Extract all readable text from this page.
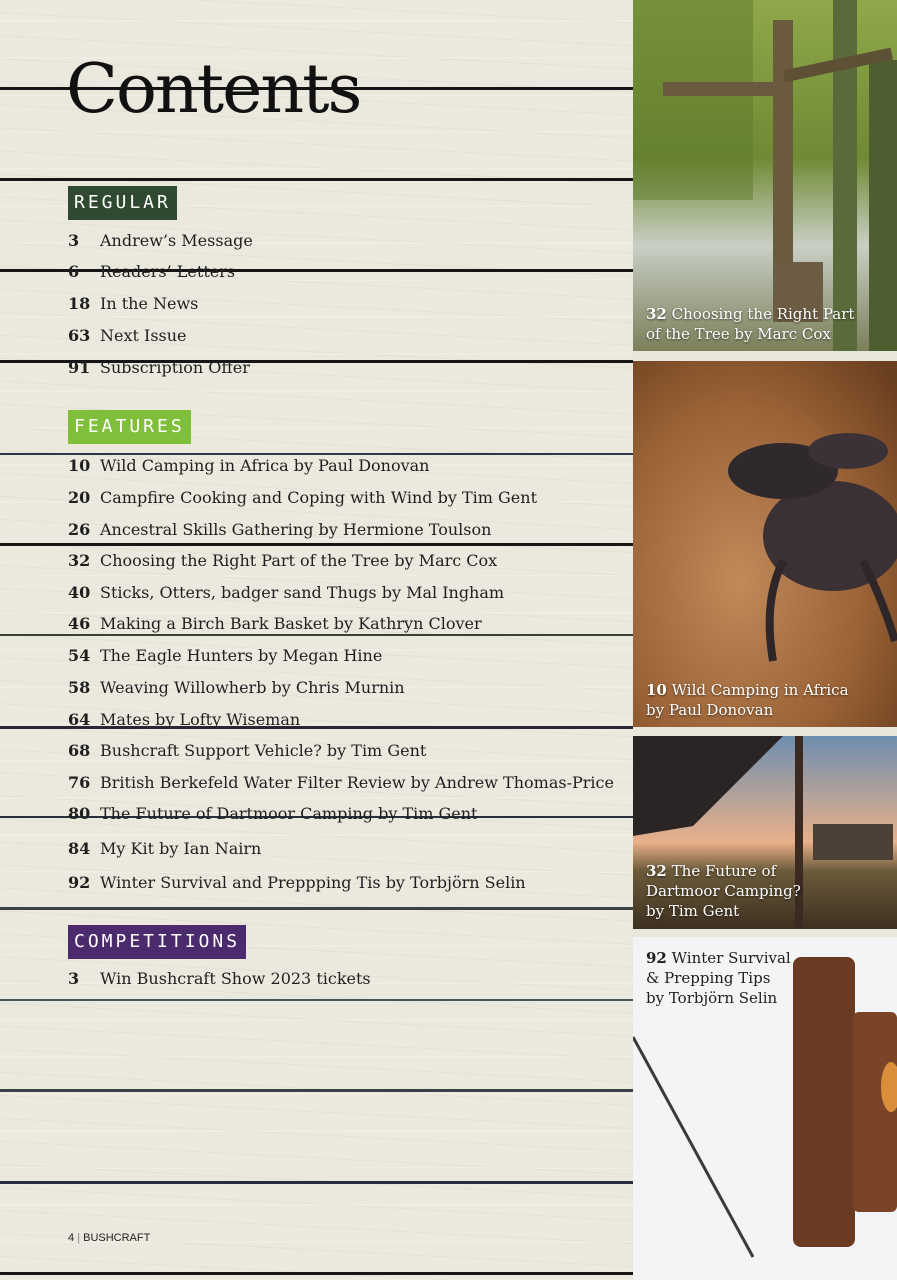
Contents
REGULAR
3 Andrew’s Message
6 Readers’ Letters
18 In the News
63 Next Issue
91 Subscription Offer
FEATURES
10 Wild Camping in Africa by Paul Donovan
20 Campfire Cooking and Coping with Wind by Tim Gent
26 Ancestral Skills Gathering by Hermione Toulson
32 Choosing the Right Part of the Tree by Marc Cox
40 Sticks, Otters, badger sand Thugs by Mal Ingham
46 Making a Birch Bark Basket by Kathryn Clover
54 The Eagle Hunters by Megan Hine
58 Weaving Willowherb by Chris Murnin
64 Mates by Lofty Wiseman
68 Bushcraft Support Vehicle? by Tim Gent
76 British Berkefeld Water Filter Review by Andrew Thomas-Price
80 The Future of Dartmoor Camping by Tim Gent
84 My Kit by Ian Nairn
92 Winter Survival and Preppping Tis by Torbjörn Selin
COMPETITIONS
3 Win Bushcraft Show 2023 tickets
4 | BUSHCRAFT
32 Choosing the Right Part
of the Tree by Marc Cox
10 Wild Camping in Africa
by Paul Donovan
32 The Future of
Dartmoor Camping?
by Tim Gent
92 Winter Survival
& Prepping Tips
by Torbjörn Selin
